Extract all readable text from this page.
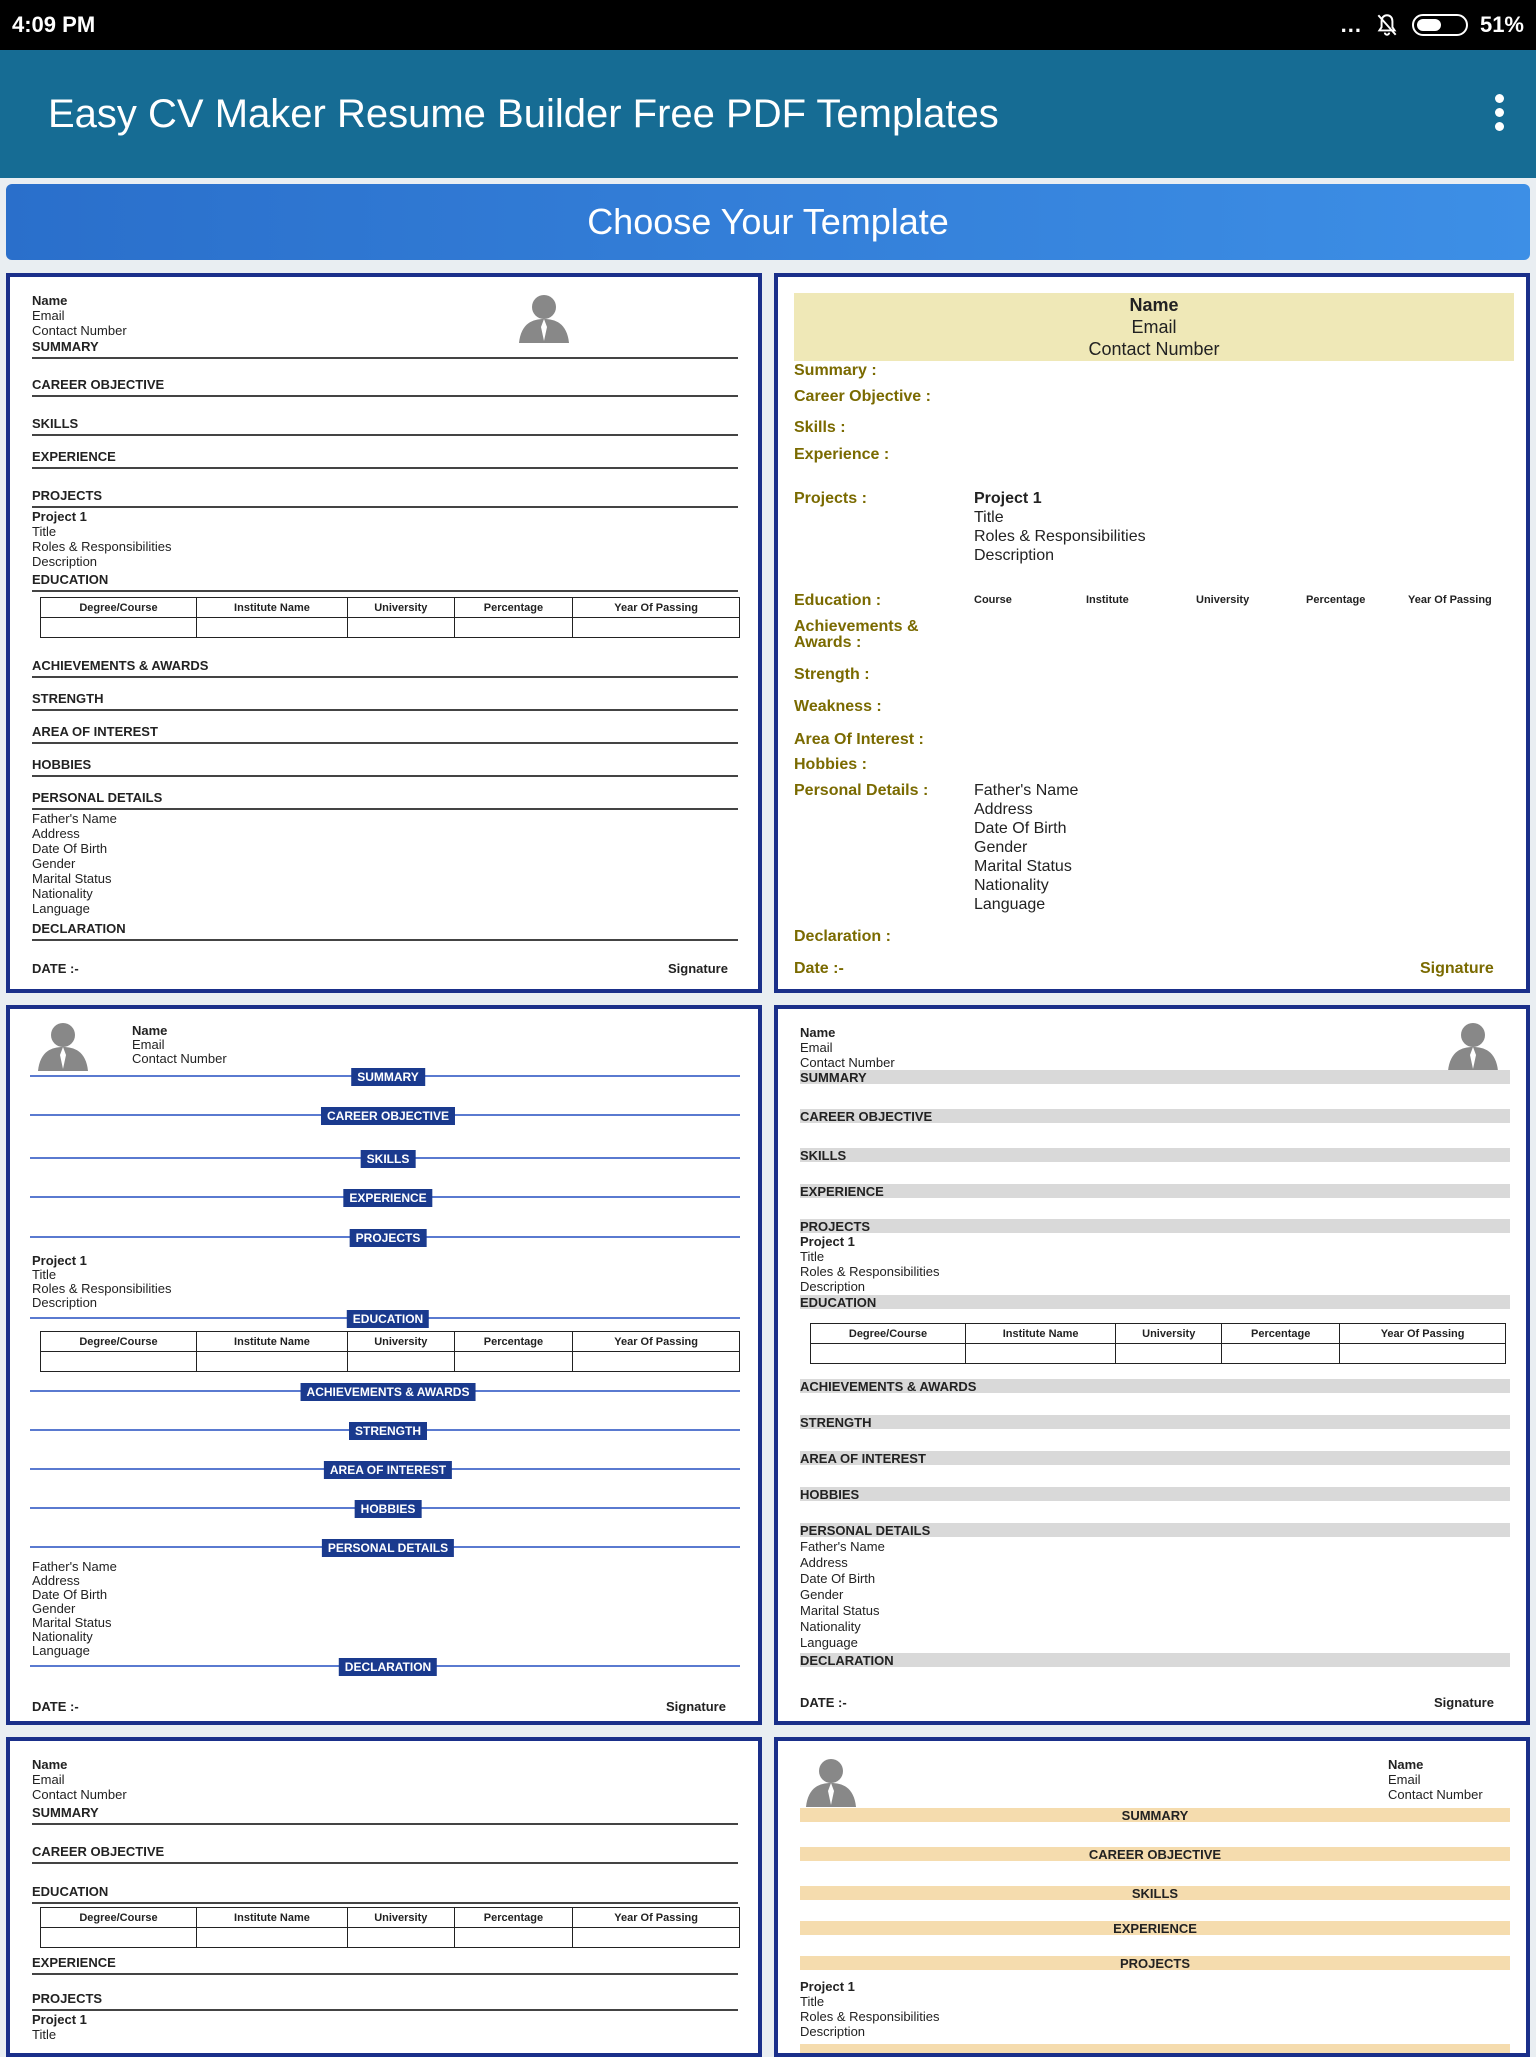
4:09 PM	...	51%
Easy CV Maker Resume Builder Free PDF Templates
Choose Your Template
Name
Email
Contact Number
SUMMARY
CAREER OBJECTIVE
SKILLS
EXPERIENCE
PROJECTS
Project 1
Title
Roles & Responsibilities
Description
EDUCATION
Degree/Course	Institute Name	University	Percentage	Year Of Passing

ACHIEVEMENTS & AWARDS
STRENGTH
AREA OF INTEREST
HOBBIES
PERSONAL DETAILS
Father's Name
Address
Date Of Birth
Gender
Marital Status
Nationality
Language
DECLARATION
DATE :-	Signature
Name
Email
Contact Number
Summary :
Career Objective :
Skills :
Experience :
Projects :	Project 1
Title
Roles & Responsibilities
Description
Education :	Course	Institute	University	Percentage	Year Of Passing
Achievements &
Awards :
Strength :
Weakness :
Area Of Interest :
Hobbies :
Personal Details :	Father's Name
Address
Date Of Birth
Gender
Marital Status
Nationality
Language
Declaration :
Date :-	Signature
Name
Email
Contact Number
SUMMARY
CAREER OBJECTIVE
SKILLS
EXPERIENCE
PROJECTS
Project 1
Title
Roles & Responsibilities
Description
EDUCATION
Degree/Course	Institute Name	University	Percentage	Year Of Passing

ACHIEVEMENTS & AWARDS
STRENGTH
AREA OF INTEREST
HOBBIES
PERSONAL DETAILS
Father's Name
Address
Date Of Birth
Gender
Marital Status
Nationality
Language
DECLARATION
DATE :-	Signature
Name
Email
Contact Number
SUMMARY
CAREER OBJECTIVE
SKILLS
EXPERIENCE
PROJECTS
Project 1
Title
Roles & Responsibilities
Description
EDUCATION
Degree/Course	Institute Name	University	Percentage	Year Of Passing

ACHIEVEMENTS & AWARDS
STRENGTH
AREA OF INTEREST
HOBBIES
PERSONAL DETAILS
Father's Name
Address
Date Of Birth
Gender
Marital Status
Nationality
Language
DECLARATION
DATE :-	Signature
Name
Email
Contact Number
SUMMARY
CAREER OBJECTIVE
EDUCATION
Degree/Course	Institute Name	University	Percentage	Year Of Passing

EXPERIENCE
PROJECTS
Project 1
Title
Name
Email
Contact Number
SUMMARY
CAREER OBJECTIVE
SKILLS
EXPERIENCE
PROJECTS
Project 1
Title
Roles & Responsibilities
Description
